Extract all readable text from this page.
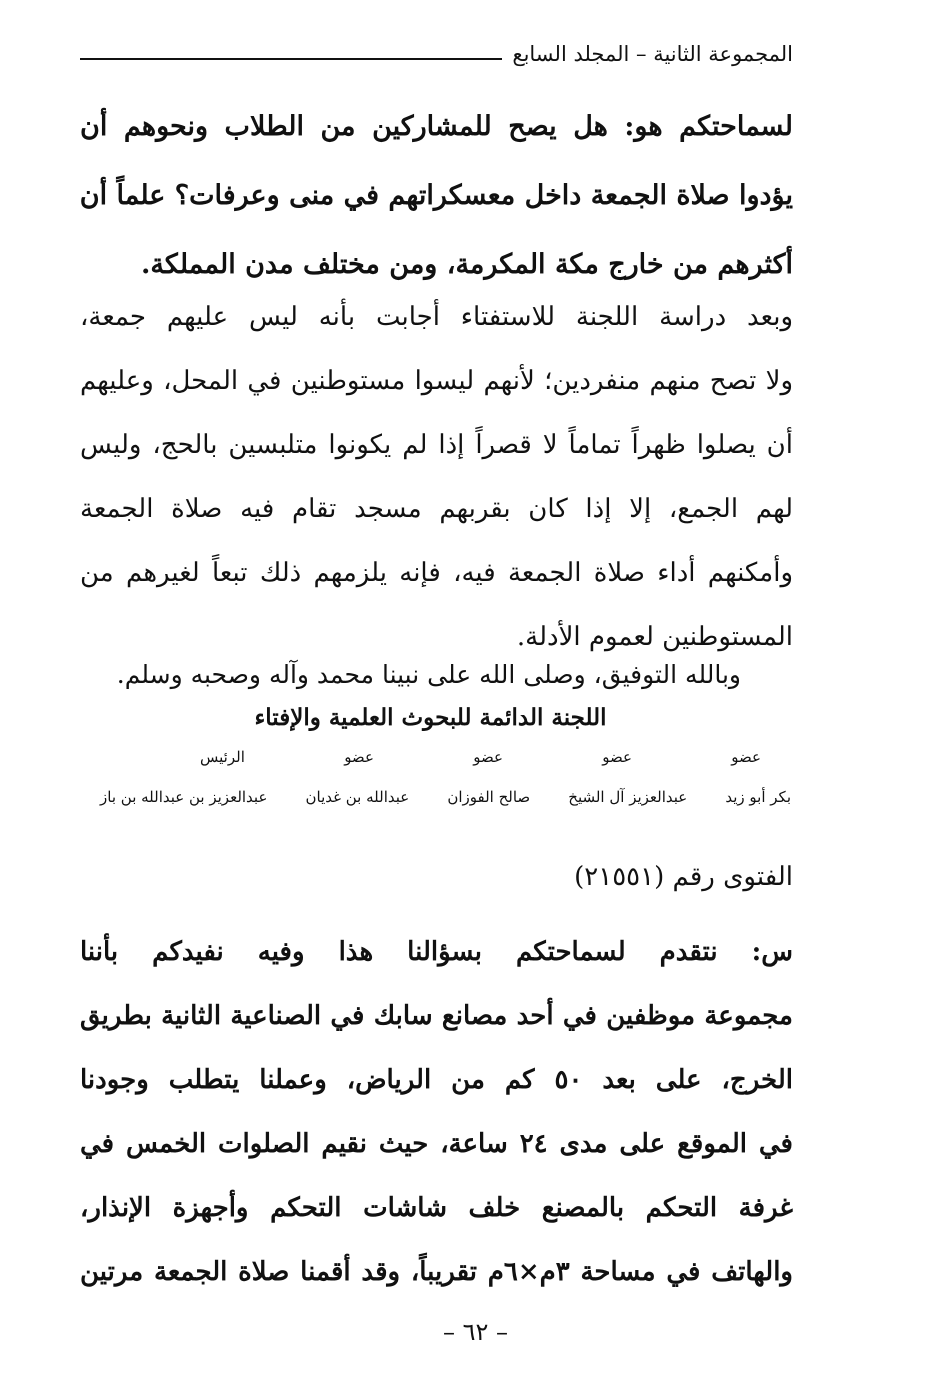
المجموعة الثانية – المجلد السابع
لسماحتكم هو: هل يصح للمشاركين من الطلاب ونحوهم أن
يؤدوا صلاة الجمعة داخل معسكراتهم في منى وعرفات؟ علماً أن
أكثرهم من خارج مكة المكرمة، ومن مختلف مدن المملكة.
وبعد دراسة اللجنة للاستفتاء أجابت بأنه ليس عليهم جمعة،
ولا تصح منهم منفردين؛ لأنهم ليسوا مستوطنين في المحل، وعليهم
أن يصلوا ظهراً تماماً لا قصراً إذا لم يكونوا متلبسين بالحج، وليس
لهم الجمع، إلا إذا كان بقربهم مسجد تقام فيه صلاة الجمعة
وأمكنهم أداء صلاة الجمعة فيه، فإنه يلزمهم ذلك تبعاً لغيرهم من
المستوطنين لعموم الأدلة.
وبالله التوفيق، وصلى الله على نبينا محمد وآله وصحبه وسلم.
اللجنة الدائمة للبحوث العلمية والإفتاء
عضو
عضو
عضو
عضو
الرئيس
بكر أبو زيد
عبدالعزيز آل الشيخ
صالح الفوزان
عبدالله بن غديان
عبدالعزيز بن عبدالله بن باز
الفتوى رقم (٢١٥٥١)
س: نتقدم لسماحتكم بسؤالنا هذا وفيه نفيدكم بأننا
مجموعة موظفين في أحد مصانع سابك في الصناعية الثانية بطريق
الخرج، على بعد ٥٠ كم من الرياض، وعملنا يتطلب وجودنا
في الموقع على مدى ٢٤ ساعة، حيث نقيم الصلوات الخمس في
غرفة التحكم بالمصنع خلف شاشات التحكم وأجهزة الإنذار،
والهاتف في مساحة ٣م×٦م تقريباً، وقد أقمنا صلاة الجمعة مرتين
– ٦٢ –
